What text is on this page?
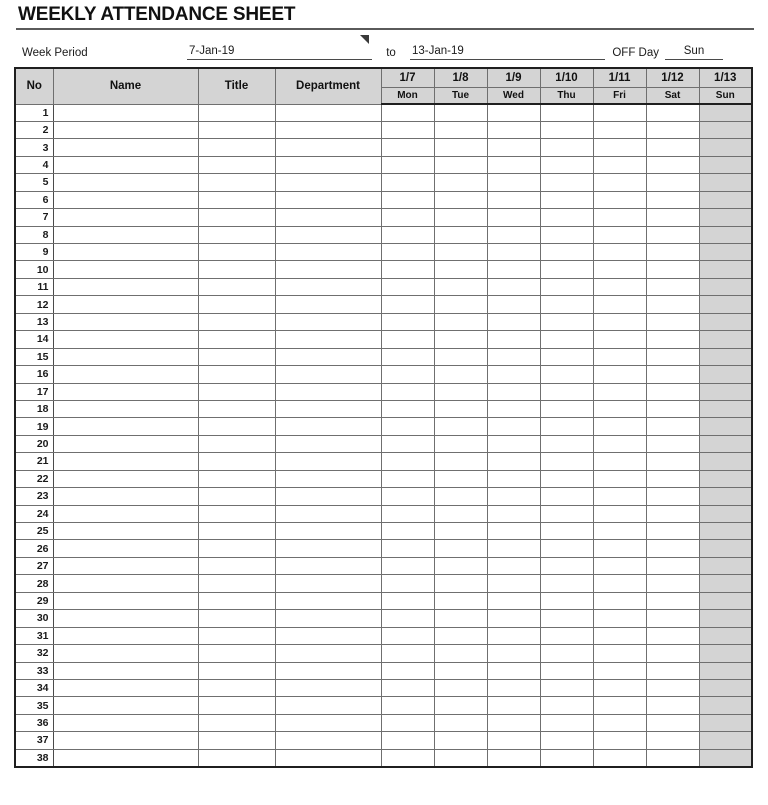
WEEKLY ATTENDANCE SHEET
Week Period	7-Jan-19	to	13-Jan-19	OFF Day	Sun
No	Name	Title	Department	1/7	1/8	1/9	1/10	1/11	1/12	1/13
				Mon	Tue	Wed	Thu	Fri	Sat	Sun
1										
2										
3										
4										
5										
6										
7										
8										
9										
10										
11										
12										
13										
14										
15										
16										
17										
18										
19										
20										
21										
22										
23										
24										
25										
26										
27										
28										
29										
30										
31										
32										
33										
34										
35										
36										
37										
38										
